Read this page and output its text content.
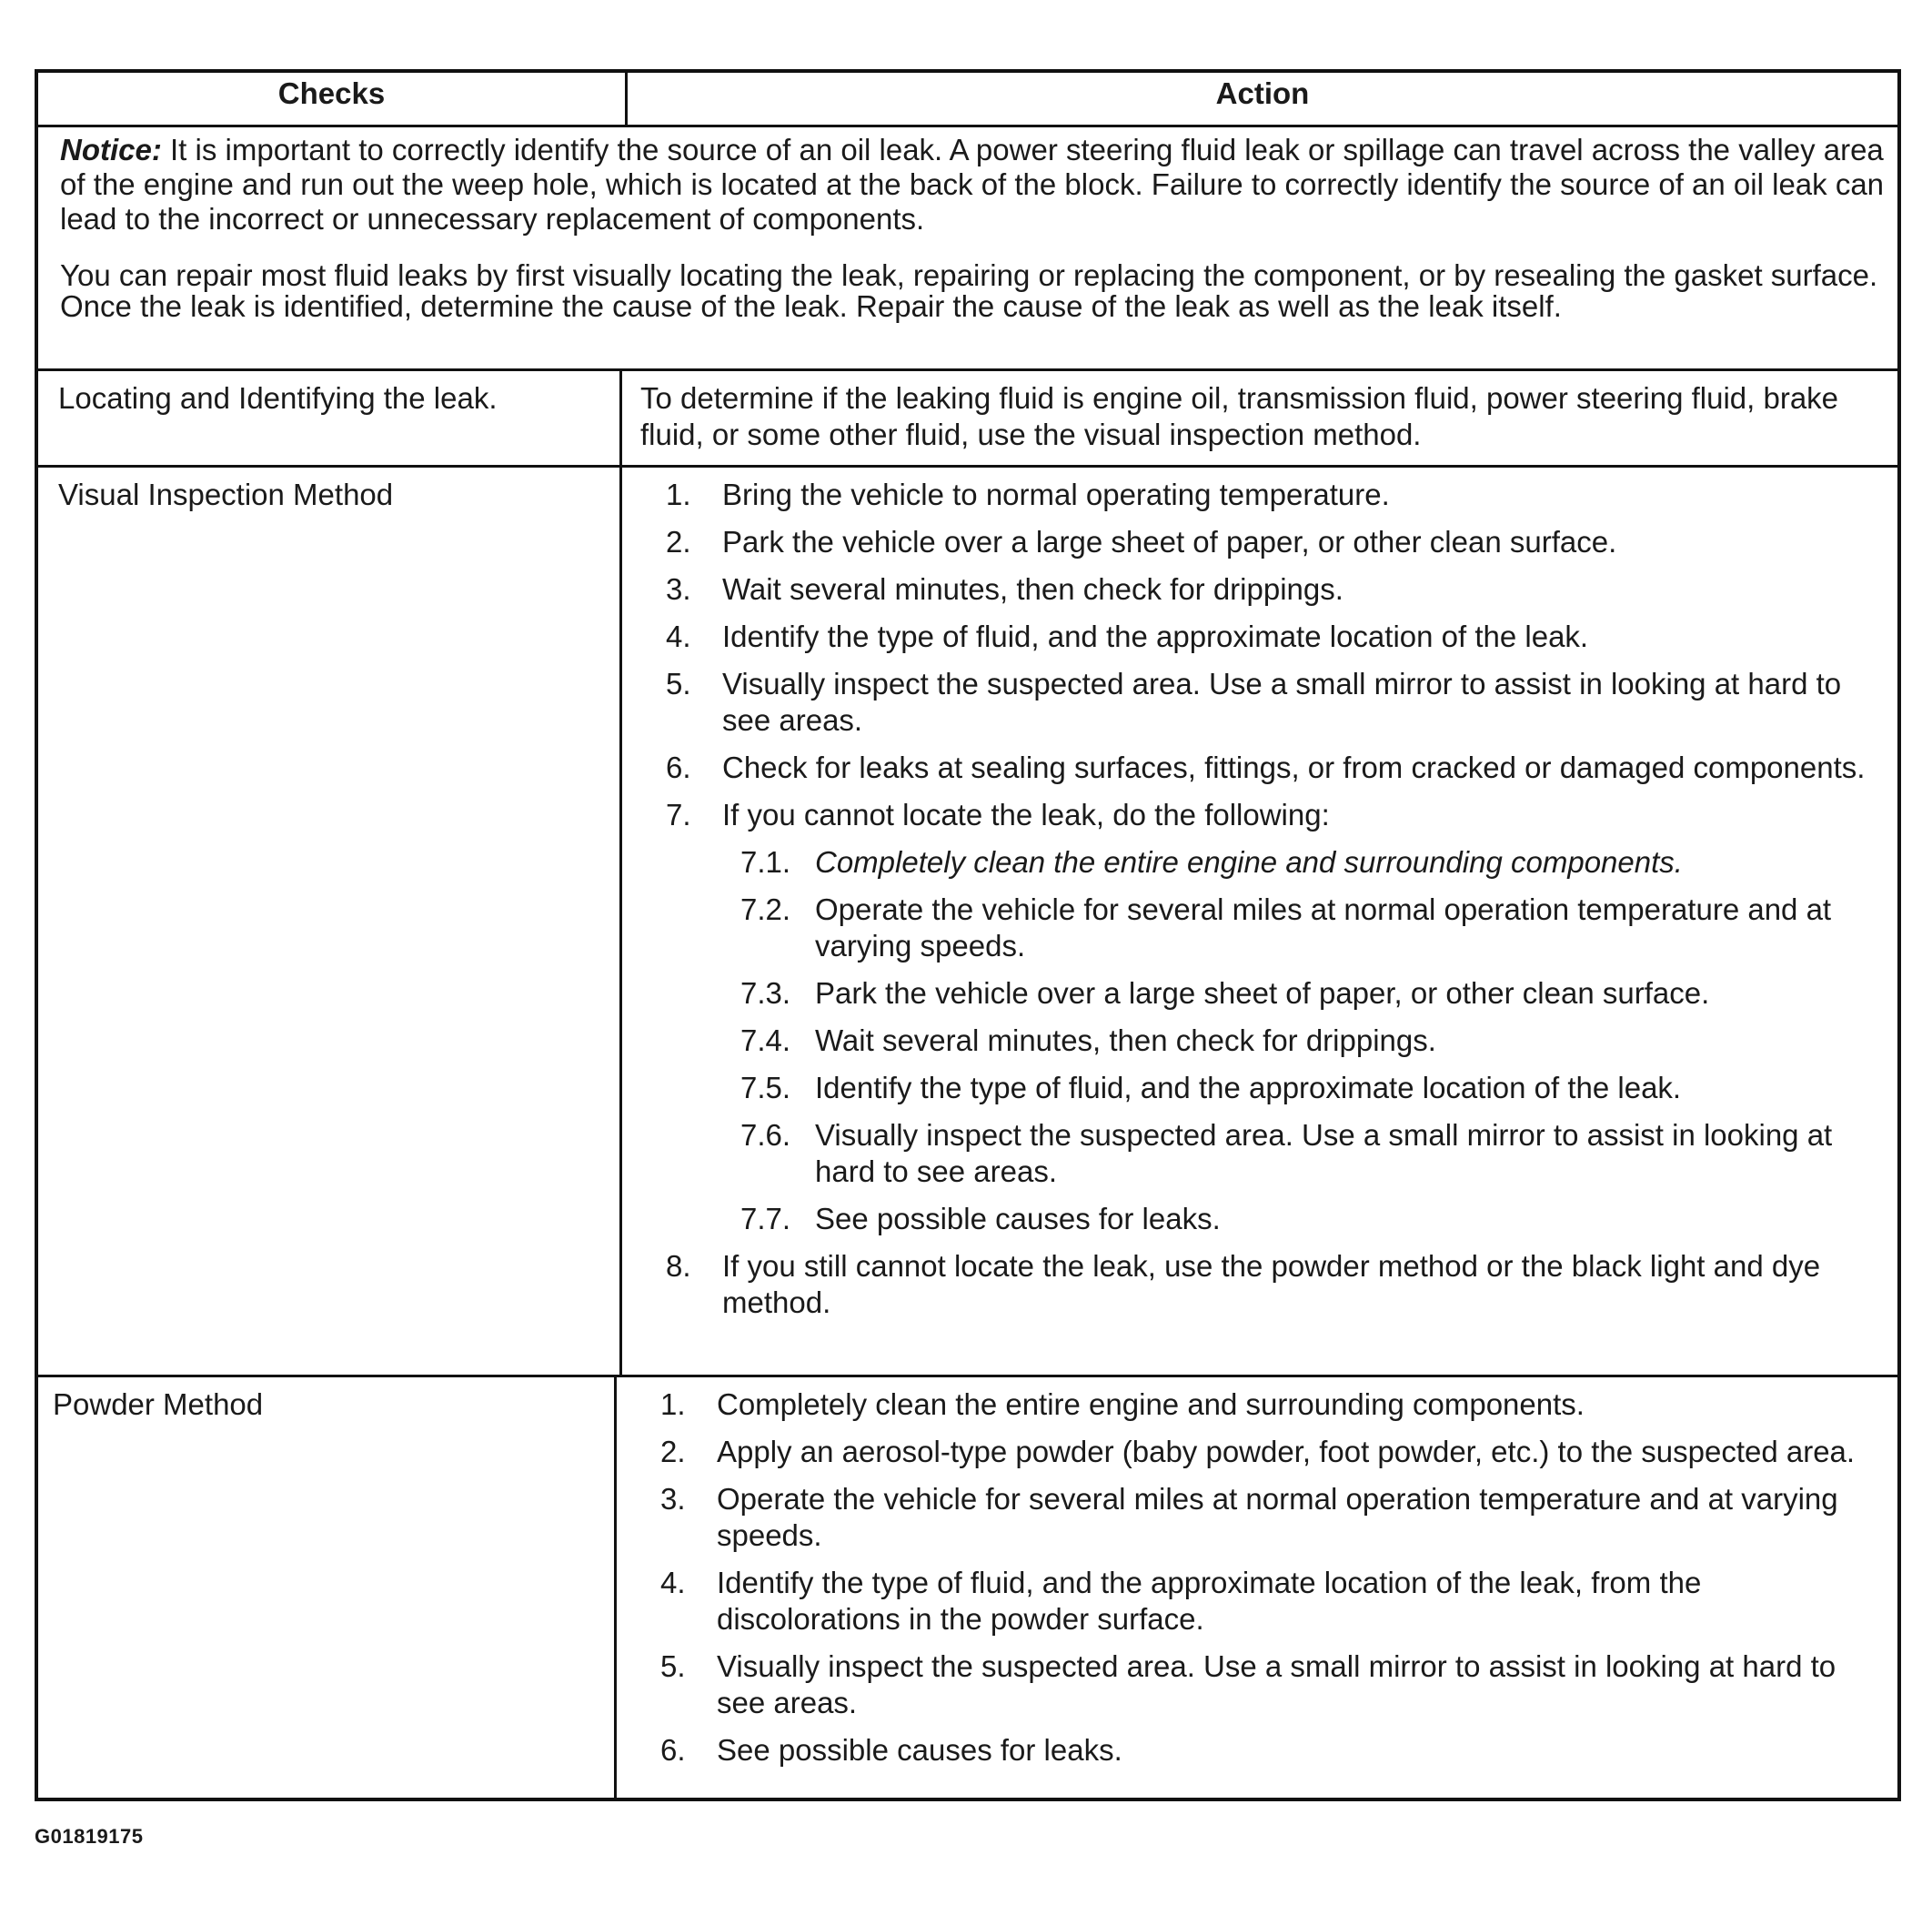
Checks	Action

Notice: It is important to correctly identify the source of an oil leak. A power steering fluid leak or spillage can travel across the valley area of the engine and run out the weep hole, which is located at the back of the block. Failure to correctly identify the source of an oil leak can lead to the incorrect or unnecessary replacement of components.

You can repair most fluid leaks by first visually locating the leak, repairing or replacing the component, or by resealing the gasket surface. Once the leak is identified, determine the cause of the leak. Repair the cause of the leak as well as the leak itself.

Locating and Identifying the leak.	To determine if the leaking fluid is engine oil, transmission fluid, power steering fluid, brake fluid, or some other fluid, use the visual inspection method.
Visual Inspection Method	1. Bring the vehicle to normal operating temperature.
2. Park the vehicle over a large sheet of paper, or other clean surface.
3. Wait several minutes, then check for drippings.
4. Identify the type of fluid, and the approximate location of the leak.
5. Visually inspect the suspected area. Use a small mirror to assist in looking at hard to see areas.
6. Check for leaks at sealing surfaces, fittings, or from cracked or damaged components.
7. If you cannot locate the leak, do the following:
7.1. Completely clean the entire engine and surrounding components.
7.2. Operate the vehicle for several miles at normal operation temperature and at varying speeds.
7.3. Park the vehicle over a large sheet of paper, or other clean surface.
7.4. Wait several minutes, then check for drippings.
7.5. Identify the type of fluid, and the approximate location of the leak.
7.6. Visually inspect the suspected area. Use a small mirror to assist in looking at hard to see areas.
7.7. See possible causes for leaks.
8. If you still cannot locate the leak, use the powder method or the black light and dye method.
Powder Method	1. Completely clean the entire engine and surrounding components.
2. Apply an aerosol-type powder (baby powder, foot powder, etc.) to the suspected area.
3. Operate the vehicle for several miles at normal operation temperature and at varying speeds.
4. Identify the type of fluid, and the approximate location of the leak, from the discolorations in the powder surface.
5. Visually inspect the suspected area. Use a small mirror to assist in looking at hard to see areas.
6. See possible causes for leaks.
G01819175
